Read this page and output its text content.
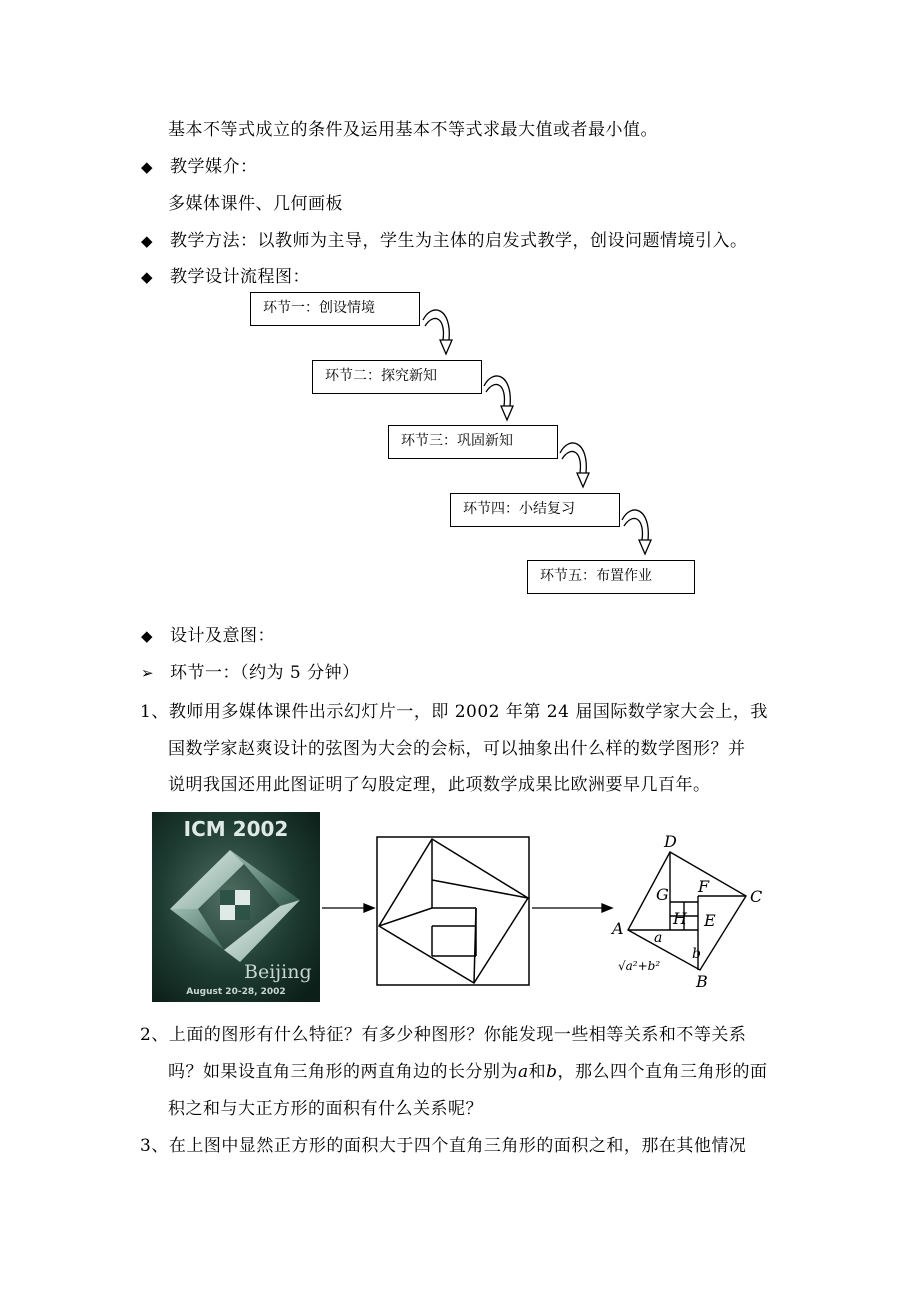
基本不等式成立的条件及运用基本不等式求最大值或者最小值。
◆ 教学媒介：
多媒体课件、几何画板
◆ 教学方法：以教师为主导，学生为主体的启发式教学，创设问题情境引入。
◆ 教学设计流程图：
环节一：创设情境
环节二：探究新知
环节三：巩固新知
环节四：小结复习
环节五：布置作业
◆ 设计及意图：
➢ 环节一：（约为 5 分钟）
1、教师用多媒体课件出示幻灯片一，即 2002 年第 24 届国际数学家大会上，我
国数学家赵爽设计的弦图为大会的会标，可以抽象出什么样的数学图形？并
说明我国还用此图证明了勾股定理，此项数学成果比欧洲要早几百年。
ICM 2002
Beijing
August 20-28, 2002
D
C
A
B
F
G
H E
a
b
√a²+b²
2、上面的图形有什么特征？有多少种图形？你能发现一些相等关系和不等关系
吗？如果设直角三角形的两直角边的长分别为a和b，那么四个直角三角形的面
积之和与大正方形的面积有什么关系呢？
3、在上图中显然正方形的面积大于四个直角三角形的面积之和，那在其他情况
